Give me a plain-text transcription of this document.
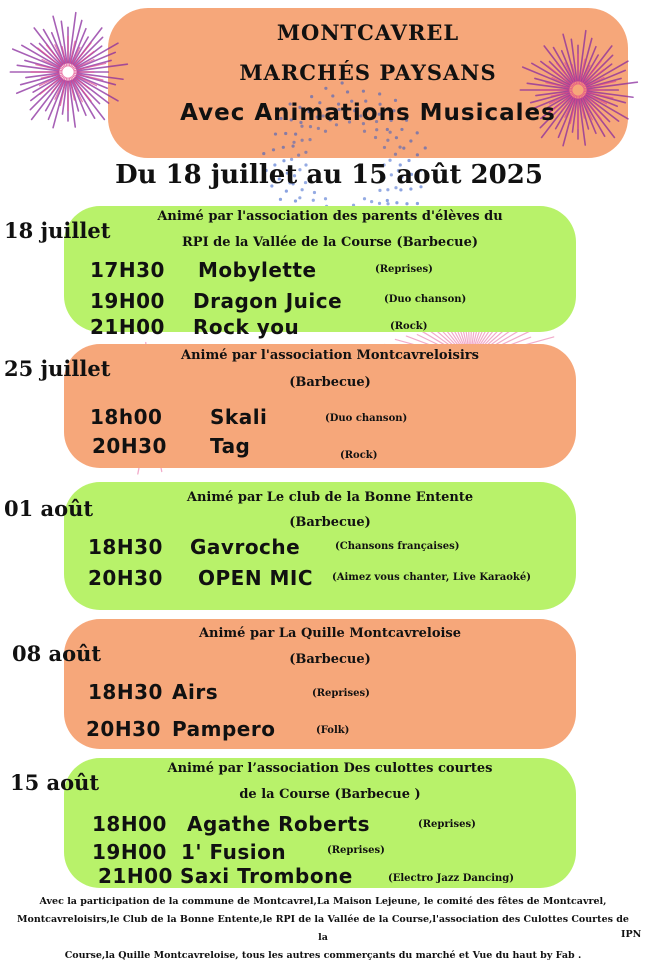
MONTCAVREL
MARCHÉS PAYSANS
Avec Animations Musicales
Du 18 juillet au 15 août 2025
18 juillet
Animé par l'association des parents d'élèves du
RPI de la Vallée de la Course (Barbecue)
17H30 Mobylette	(Reprises)
19H00 Dragon Juice	(Duo chanson)
21H00 Rock you	(Rock)
25 juillet
Animé par l'association Montcavreloisirs
(Barbecue)
18h00 Skali	(Duo chanson)
20H30 Tag	(Rock)
01 août	Animé par Le club de la Bonne Entente
(Barbecue)
18H30 Gavroche	(Chansons françaises)
20H30 OPEN MIC (Aimez vous chanter, Live Karaoké)
08 août
Animé par La Quille Montcavreloise
(Barbecue)
18H30 Airs	(Reprises)
20H30 Pampero	(Folk)
15 août
Animé par l’association Des culottes courtes
de la Course (Barbecue )
18H00 Agathe Roberts	(Reprises)
19H00 1' Fusion	(Reprises)
21H00 Saxi Trombone	(Electro Jazz Dancing)
Avec la participation de la commune de Montcavrel,La Maison Lejeune, le comité des fêtes de Montcavrel,
Montcavreloisirs,le Club de la Bonne Entente,le RPI de la Vallée de la Course,l'association des Culottes Courtes de la
Course,la Quille Montcavreloise, tous les autres commerçants du marché et Vue du haut by Fab .
IPN
